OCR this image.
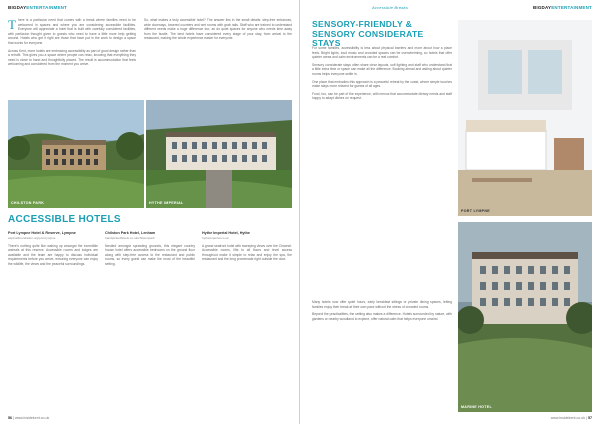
BIGDAYENTERTAINMENT

There is a particular need that comes with a break where families need to be welcomed in spaces and where you are considering accessible facilities. Everyone will appreciate a hotel that is built with carefully considered facilities, with particular thought given to guests who need to have a little more help getting around. Hotels who get it right are those that have put in the work to design a space that works for everyone.

Across Kent, more hotels are embracing accessibility as part of good design rather than a retrofit. This gives you a space where people can relax, knowing that everything they need is close to hand and thoughtfully placed. The result is accommodation that feels welcoming and considered from the moment you arrive.

So, what makes a truly accessible hotel? The answer lies in the small details: step-free entrances, wide doorways, lowered counters and wet rooms with grab rails. Staff who are trained to understand different needs make a huge difference too, as do quiet spaces for anyone who needs time away from the bustle. The best hotels have considered every stage of your stay, from arrival to the restaurant, making the whole experience easier for everyone.

CHILSTON PARK	HYTHE IMPERIAL
ACCESSIBLE HOTELS
Port Lympne Hotel & Reserve, Lympne
aspinallfoundation.org/port-lympne

There's nothing quite like waking up amongst the incredible animals at this reserve. Accessible rooms and lodges are available and the team are happy to discuss individual requirements before you arrive, ensuring everyone can enjoy the wildlife, the views and the peaceful surroundings.

Chilston Park Hotel, Lenham
handpickedhotels.co.uk/chilstonpark

Nestled amongst sprawling grounds, this elegant country house hotel offers accessible bedrooms on the ground floor along with step-free access to the restaurant and public rooms, so every guest can make the most of the beautiful setting.

Hythe Imperial Hotel, Hythe
hytheimperial.co.uk

A grand seafront hotel with sweeping views over the Channel. Accessible rooms, lifts to all floors and level access throughout make it simple to relax and enjoy the spa, the restaurant and the long promenade right outside the door.

56 | www.insidekent.co.uk
Accessible Breaks	BIGDAYENTERTAINMENT
SENSORY-FRIENDLY & SENSORY CONSIDERATE STAYS

For some families, accessibility is less about physical barriers and more about how a place feels. Bright lights, loud music and crowded spaces can be overwhelming, so hotels that offer quieter areas and calm environments can be a real comfort.

Sensory considerate stays often share clear layouts, soft lighting and staff who understand that a little extra time or space can make all the difference. Booking ahead and asking about quieter rooms helps everyone settle in.

One place that embodies this approach is a peaceful retreat by the coast, where simple touches make stays more relaxed for guests of all ages.

Food, too, can be part of the experience, with menus that accommodate dietary needs and staff happy to adapt dishes on request.

Many hotels now offer quiet hours, early breakfast sittings or private dining spaces, letting families enjoy their break at their own pace without the stress of crowded rooms.

Beyond the practicalities, the setting also makes a difference. Hotels surrounded by nature, with gardens or nearby woodland to explore, offer natural calm that helps everyone unwind.

PORT LYMPNE
MARINE HOTEL
www.insidekent.co.uk | 57
